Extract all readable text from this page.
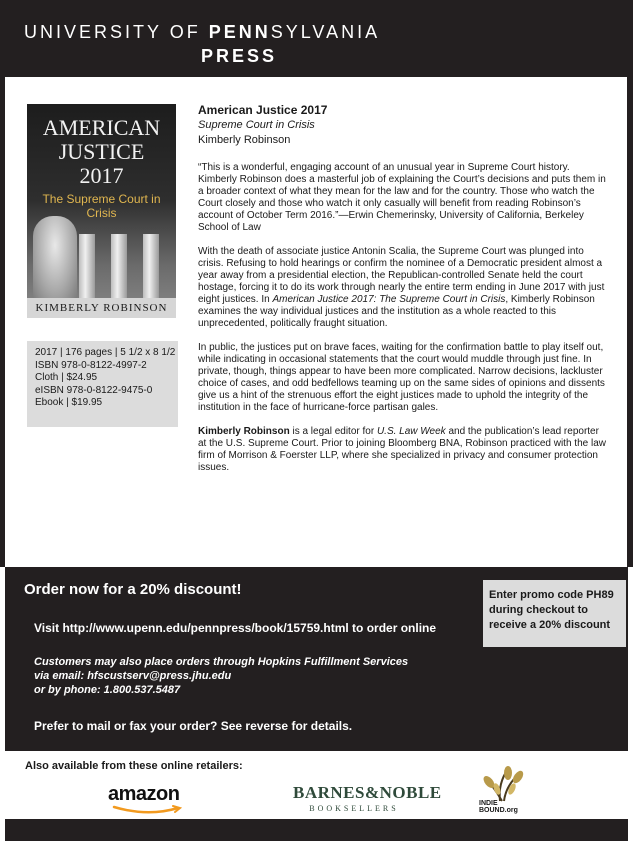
UNIVERSITY OF PENNSYLVANIA
PRESS
AMERICAN
JUSTICE
2017
The Supreme Court in Crisis
KIMBERLY ROBINSON
2017 | 176 pages | 5 1/2 x 8 1/2
ISBN 978-0-8122-4997-2
Cloth | $24.95
eISBN 978-0-8122-9475-0
Ebook | $19.95
American Justice 2017
Supreme Court in Crisis
Kimberly Robinson

“This is a wonderful, engaging account of an unusual year in Supreme Court history. Kimberly Robinson does a masterful job of explaining the Court’s decisions and puts them in a broader context of what they mean for the law and for the country. Those who watch the Court closely and those who watch it only casually will benefit from reading Robinson’s account of October Term 2016.”—Erwin Chemerinsky, University of California, Berkeley School of Law

With the death of associate justice Antonin Scalia, the Supreme Court was plunged into crisis. Refusing to hold hearings or confirm the nominee of a Democratic president almost a year away from a presidential election, the Republican-controlled Senate held the court hostage, forcing it to do its work through nearly the entire term ending in June 2017 with just eight justices. In American Justice 2017: The Supreme Court in Crisis, Kimberly Robinson examines the way individual justices and the institution as a whole reacted to this unprecedented, politically fraught situation.

In public, the justices put on brave faces, waiting for the confirmation battle to play itself out, while indicating in occasional statements that the court would muddle through just fine. In private, though, things appear to have been more complicated. Narrow decisions, lackluster choice of cases, and odd bedfellows teaming up on the same sides of opinions and dissents give us a hint of the strenuous effort the eight justices made to uphold the integrity of the institution in the face of hurricane-force partisan gales.

Kimberly Robinson is a legal editor for U.S. Law Week and the publication’s lead reporter at the U.S. Supreme Court. Prior to joining Bloomberg BNA, Robinson practiced with the law firm of Morrison & Foerster LLP, where she specialized in privacy and consumer protection issues.

Order now for a 20% discount!	Enter promo code PH89 during checkout to receive a 20% discount
Visit http://www.upenn.edu/pennpress/book/15759.html to order online
Customers may also place orders through Hopkins Fulfillment Services
via email: hfscustserv@press.jhu.edu
or by phone: 1.800.537.5487
Prefer to mail or fax your order? See reverse for details.
Also available from these online retailers:
amazon	BARNES&NOBLE
BOOKSELLERS
INDIE
BOUND.org
